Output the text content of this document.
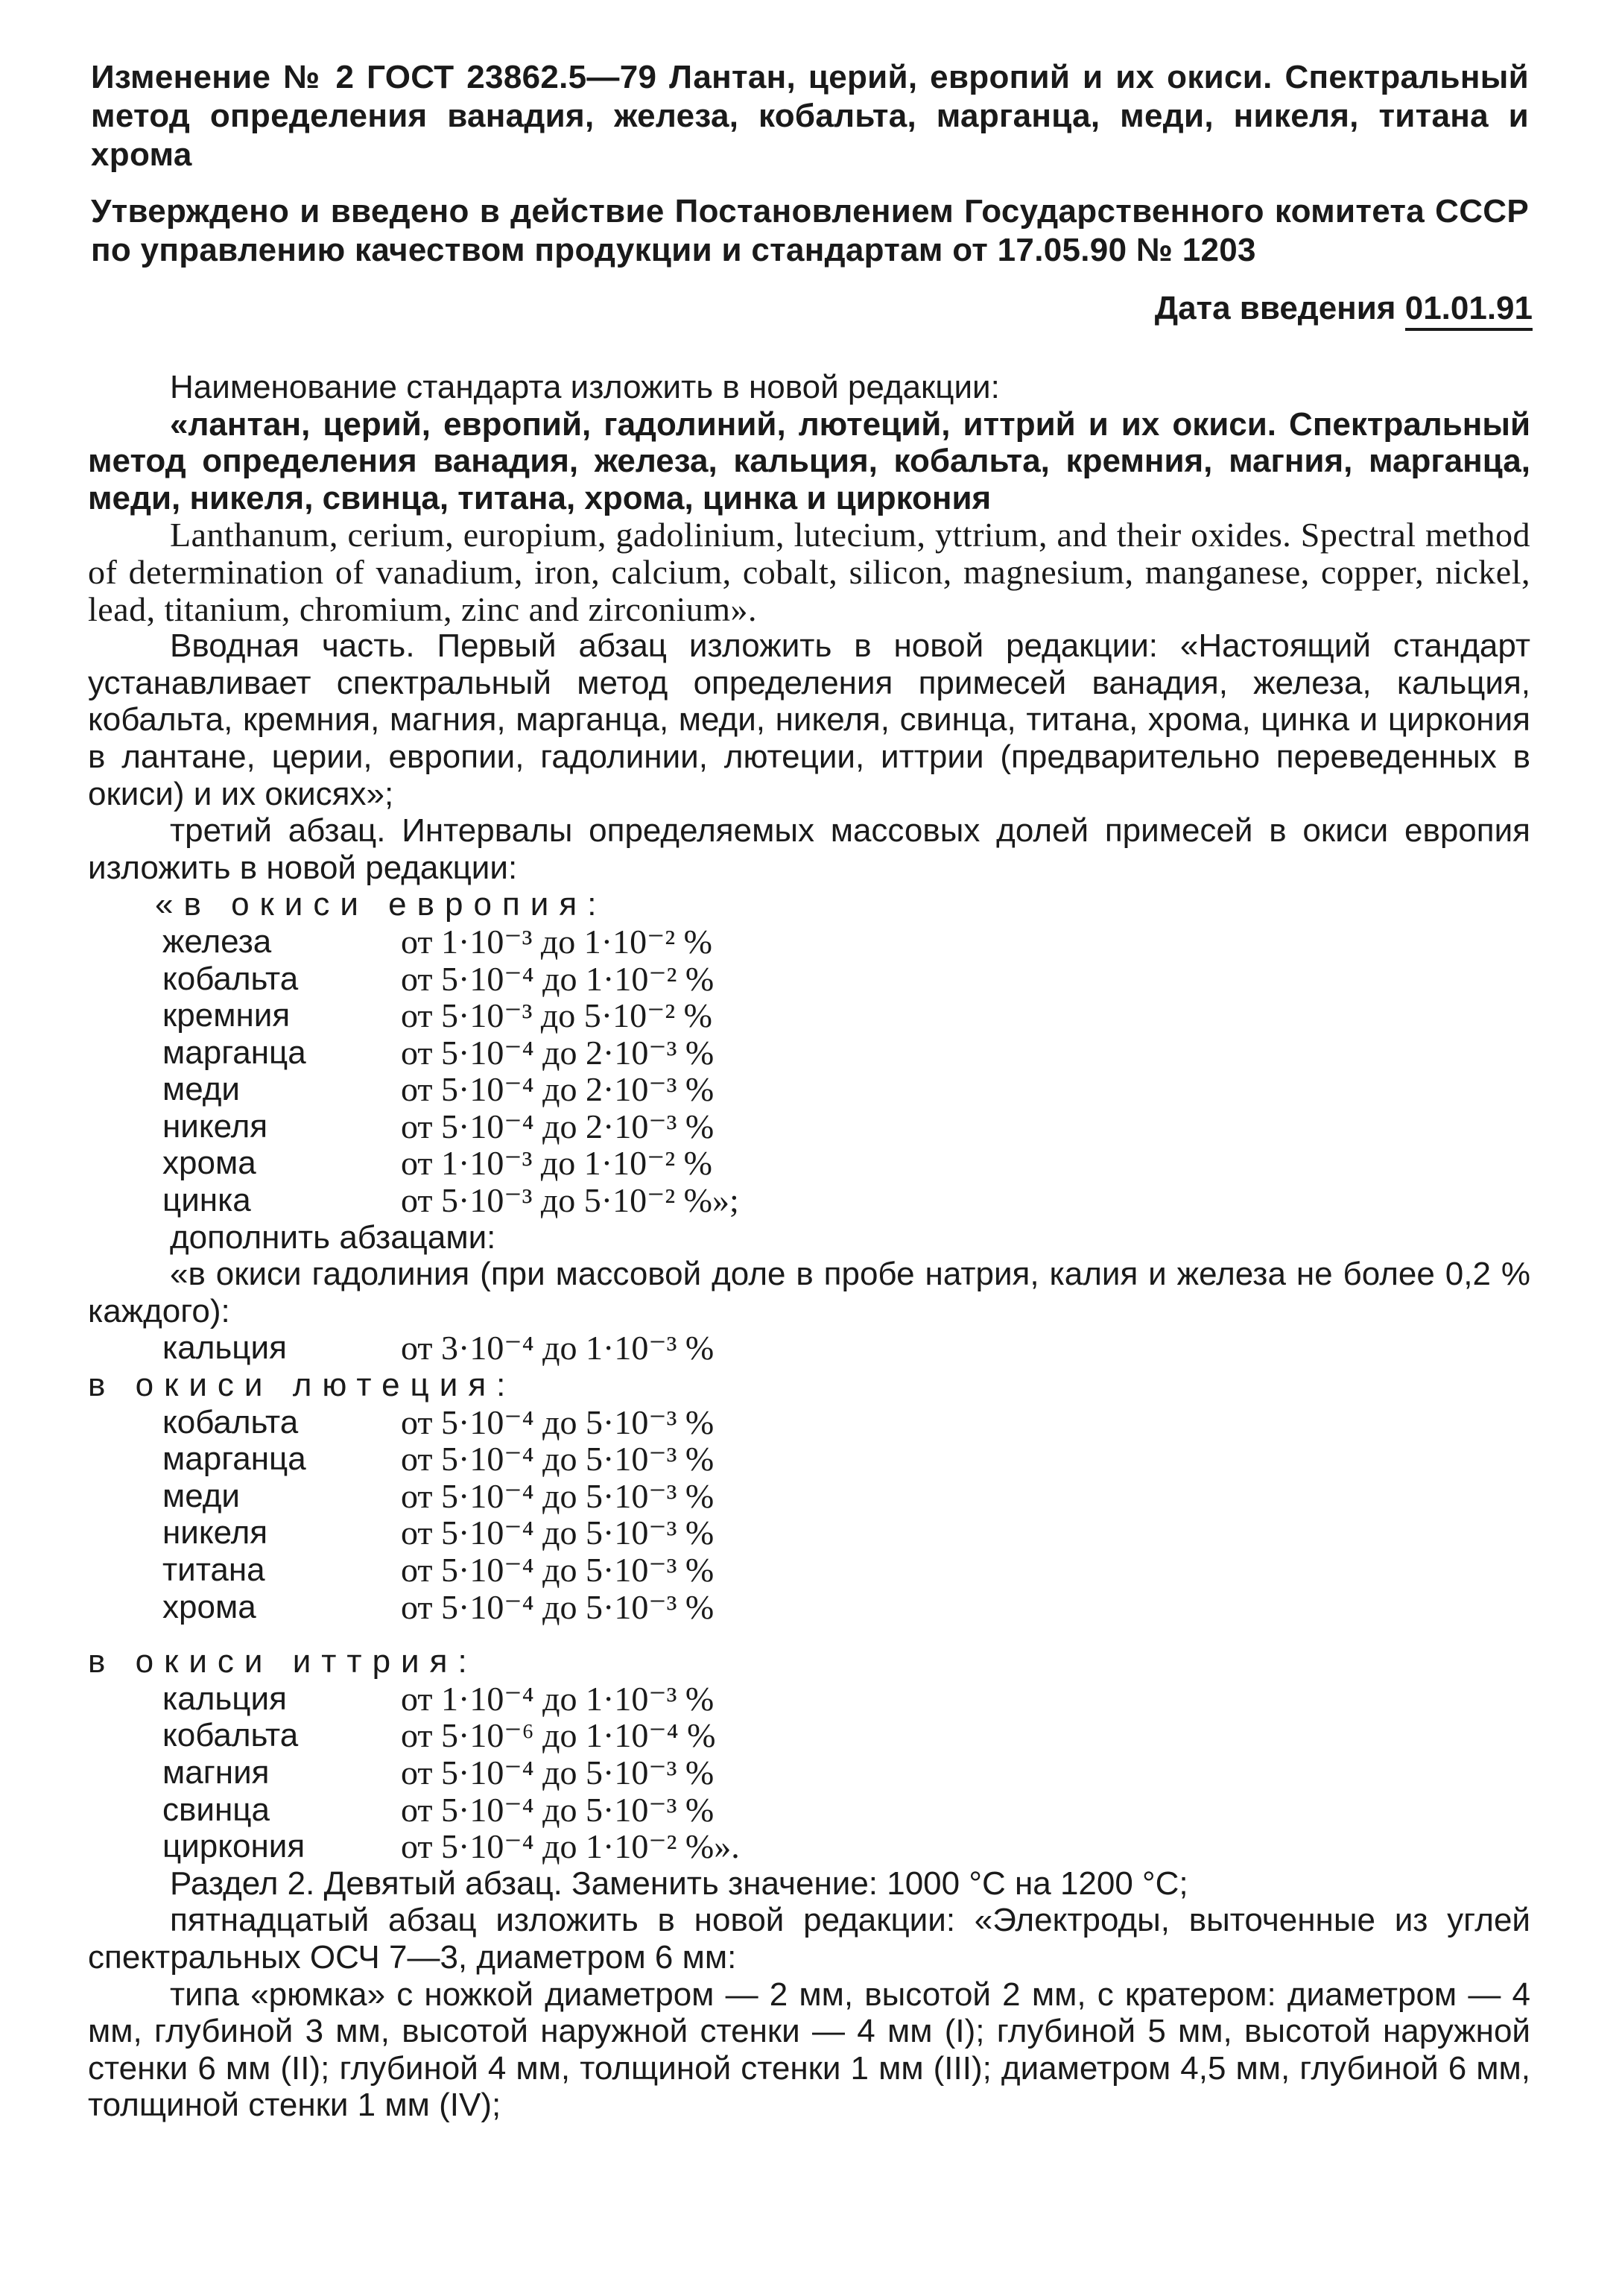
Изменение № 2 ГОСТ 23862.5—79 Лантан, церий, европий и их окиси. Спектральный метод определения ванадия, железа, кобальта, марганца, меди, никеля, титана и хрома
Утверждено и введено в действие Постановлением Государственного комитета СССР по управлению качеством продукции и стандартам от 17.05.90 № 1203
Дата введения 01.01.91

Наименование стандарта изложить в новой редакции:

«лантан, церий, европий, гадолиний, лютеций, иттрий и их окиси. Спектральный метод определения ванадия, железа, кальция, кобальта, кремния, магния, марганца, меди, никеля, свинца, титана, хрома, цинка и циркония

Lanthanum, cerium, europium, gadolinium, lutecium, yttrium, and their oxides. Spectral method of determination of vanadium, iron, calcium, cobalt, silicon, magnesium, manganese, copper, nickel, lead, titanium, chromium, zinc and zirconium».

Вводная часть. Первый абзац изложить в новой редакции: «Настоящий стандарт устанавливает спектральный метод определения примесей ванадия, железа, кальция, кобальта, кремния, магния, марганца, меди, никеля, свинца, титана, хрома, цинка и циркония в лантане, церии, европии, гадолинии, лютеции, иттрии (предварительно переведенных в окиси) и их окисях»;

третий абзац. Интервалы определяемых массовых долей примесей в окиси европия изложить в новой редакции:

«в окиси европия:

железа	от 1·10⁻³ до 1·10⁻² %
кобальта	от 5·10⁻⁴ до 1·10⁻² %
кремния	от 5·10⁻³ до 5·10⁻² %
марганца	от 5·10⁻⁴ до 2·10⁻³ %
меди	от 5·10⁻⁴ до 2·10⁻³ %
никеля	от 5·10⁻⁴ до 2·10⁻³ %
хрома	от 1·10⁻³ до 1·10⁻² %
цинка	от 5·10⁻³ до 5·10⁻² %»;

дополнить абзацами:

«в окиси гадолиния (при массовой доле в пробе натрия, калия и железа не более 0,2 % каждого):

кальция	от 3·10⁻⁴ до 1·10⁻³ %

в окиси лютеция:

кобальта	от 5·10⁻⁴ до 5·10⁻³ %
марганца	от 5·10⁻⁴ до 5·10⁻³ %
меди	от 5·10⁻⁴ до 5·10⁻³ %
никеля	от 5·10⁻⁴ до 5·10⁻³ %
титана	от 5·10⁻⁴ до 5·10⁻³ %
хрома	от 5·10⁻⁴ до 5·10⁻³ %

в окиси иттрия:

кальция	от 1·10⁻⁴ до 1·10⁻³ %
кобальта	от 5·10⁻⁶ до 1·10⁻⁴ %
магния	от 5·10⁻⁴ до 5·10⁻³ %
свинца	от 5·10⁻⁴ до 5·10⁻³ %
циркония	от 5·10⁻⁴ до 1·10⁻² %».

Раздел 2. Девятый абзац. Заменить значение: 1000 °С на 1200 °С;

пятнадцатый абзац изложить в новой редакции: «Электроды, выточенные из углей спектральных ОСЧ 7—3, диаметром 6 мм:

типа «рюмка» с ножкой диаметром — 2 мм, высотой 2 мм, с кратером: диаметром — 4 мм, глубиной 3 мм, высотой наружной стенки — 4 мм (I); глубиной 5 мм, высотой наружной стенки 6 мм (II); глубиной 4 мм, толщиной стенки 1 мм (III); диаметром 4,5 мм, глубиной 6 мм, толщиной стенки 1 мм (IV);
